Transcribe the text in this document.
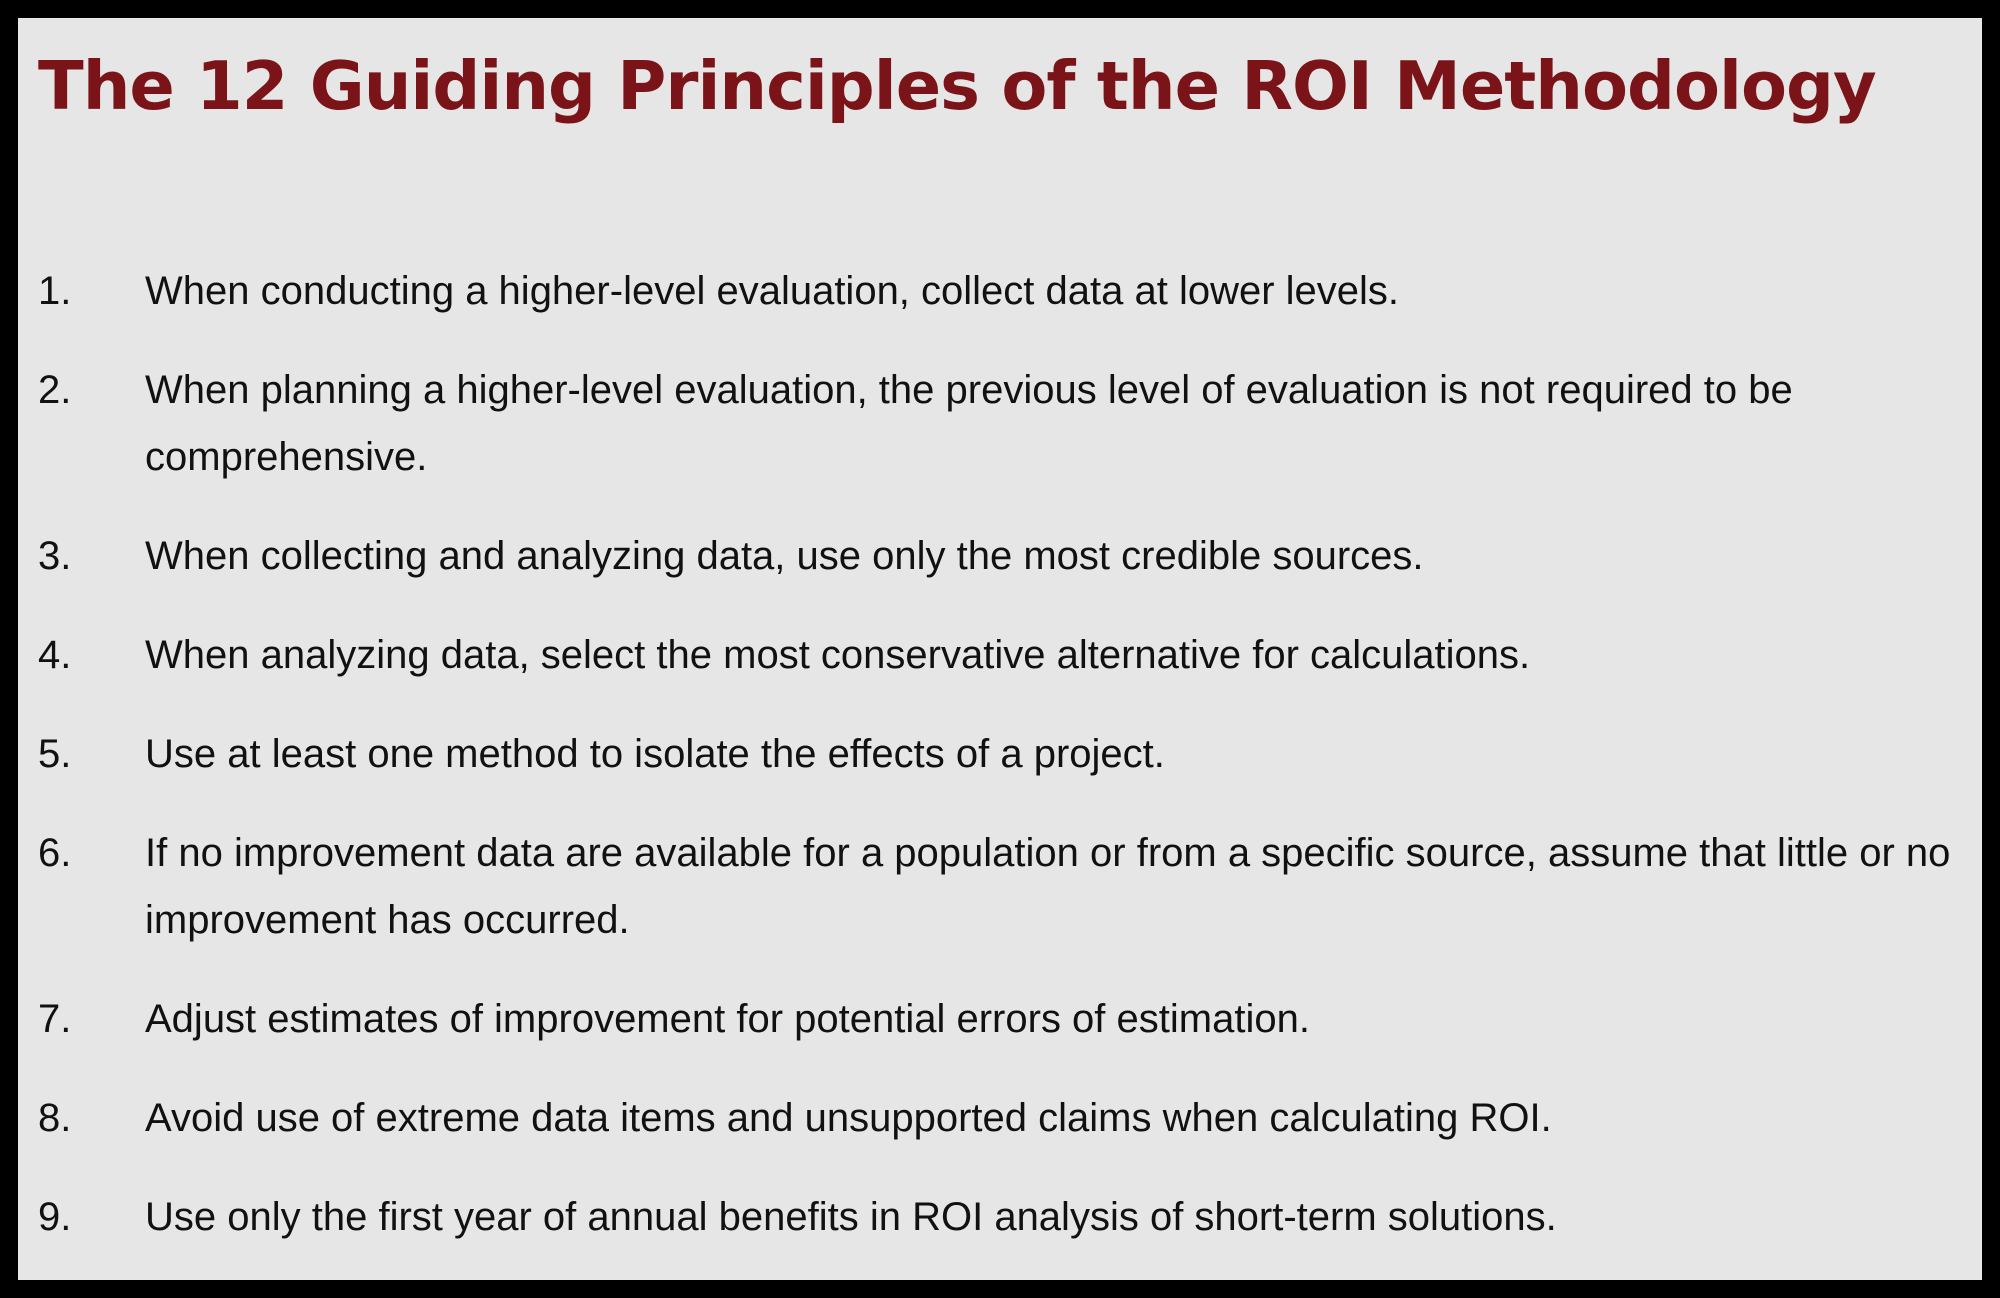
The 12 Guiding Principles of the ROI Methodology
1.	When conducting a higher-level evaluation, collect data at lower levels.
2.	When planning a higher-level evaluation, the previous level of evaluation is not required to be comprehensive.
3.	When collecting and analyzing data, use only the most credible sources.
4.	When analyzing data, select the most conservative alternative for calculations.
5.	Use at least one method to isolate the effects of a project.
6.	If no improvement data are available for a population or from a specific source, assume that little or no improvement has occurred.
7.	Adjust estimates of improvement for potential errors of estimation.
8.	Avoid use of extreme data items and unsupported claims when calculating ROI.
9.	Use only the first year of annual benefits in ROI analysis of short-term solutions.
